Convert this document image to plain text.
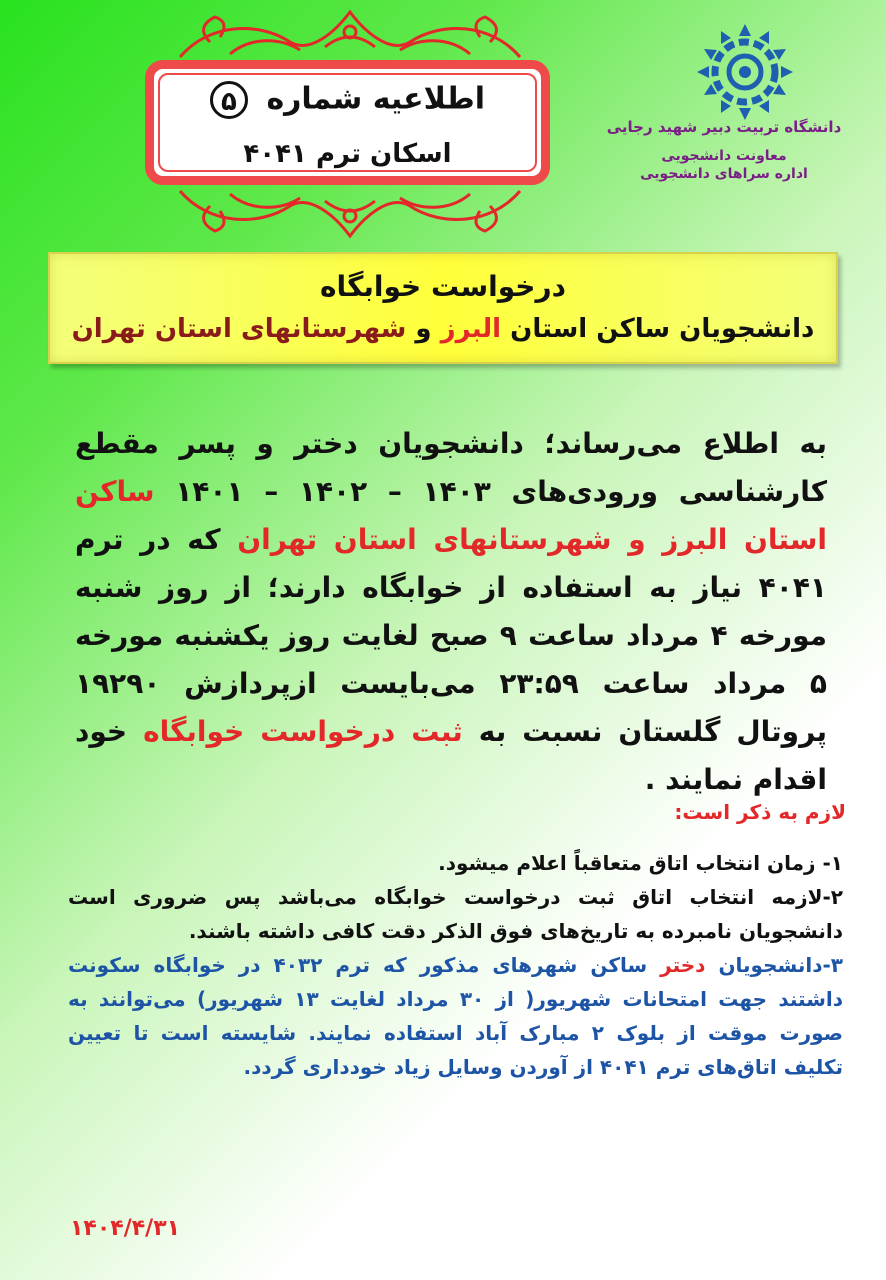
اطلاعیه شماره ۵
اسکان ترم ۴۰۴۱
دانشگاه تربیت دبیر شهید رجایی
معاونت دانشجویی
اداره سراهای دانشجویی
درخواست خوابگاه
دانشجویان ساکن استان البرز و شهرستانهای استان تهران
به اطلاع می‌رساند؛ دانشجویان دختر و پسر مقطع کارشناسی ورودی‌های ۱۴۰۳ – ۱۴۰۲ – ۱۴۰۱ ساکن استان البرز و شهرستانهای استان تهران که در ترم ۴۰۴۱ نیاز به استفاده از خوابگاه دارند؛ از روز شنبه مورخه ۴ مرداد ساعت ۹ صبح لغایت روز یکشنبه مورخه ۵ مرداد ساعت ۲۳:۵۹ می‌بایست ازپردازش ۱۹۲۹۰ پروتال گلستان نسبت به ثبت درخواست خوابگاه خود اقدام نمایند .
لازم به ذکر است:

۱- زمان انتخاب اتاق متعاقباً اعلام میشود.

۲-لازمه انتخاب اتاق ثبت درخواست خوابگاه می‌باشد پس ضروری است دانشجویان نامبرده به تاریخ‌های فوق الذکر دقت کافی داشته باشند.

۳-دانشجویان دختر ساکن شهرهای مذکور که ترم ۴۰۳۲ در خوابگاه سکونت داشتند جهت امتحانات شهریور( از ۳۰ مرداد لغایت ۱۳ شهریور) می‌توانند به صورت موقت از بلوک ۲ مبارک آباد استفاده نمایند. شایسته است تا تعیین تکلیف اتاق‌های ترم ۴۰۴۱ از آوردن وسایل زیاد خودداری گردد.

۱۴۰۴/۴/۳۱
